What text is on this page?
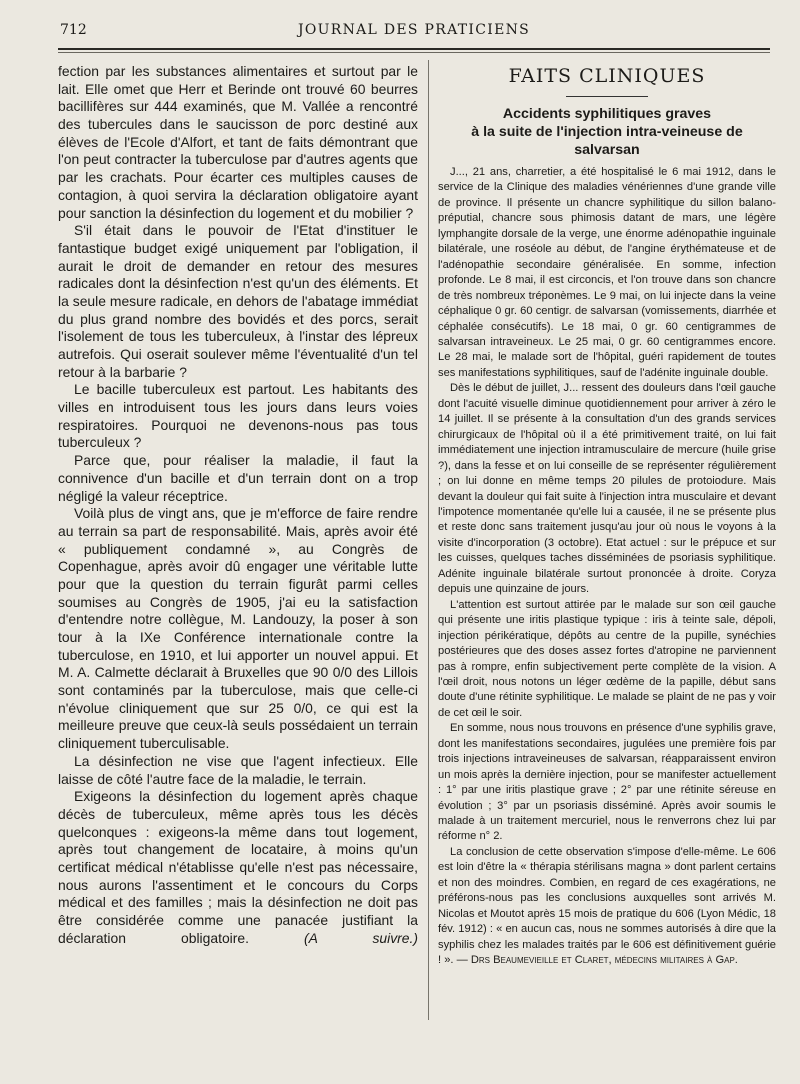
712	JOURNAL DES PRATICIENS

fection par les substances alimentaires et surtout par le lait. Elle omet que Herr et Berinde ont trouvé 60 beurres bacillifères sur 444 examinés, que M. Vallée a rencontré des tubercules dans le saucisson de porc destiné aux élèves de l'Ecole d'Alfort, et tant de faits démontrant que l'on peut contracter la tuberculose par d'autres agents que par les crachats. Pour écarter ces multiples causes de contagion, à quoi servira la déclaration obligatoire ayant pour sanction la désinfection du logement et du mobilier ?

S'il était dans le pouvoir de l'Etat d'instituer le fantastique budget exigé uniquement par l'obligation, il aurait le droit de demander en retour des mesures radicales dont la désinfection n'est qu'un des éléments. Et la seule mesure radicale, en dehors de l'abatage immédiat du plus grand nombre des bovidés et des porcs, serait l'isolement de tous les tuberculeux, à l'instar des lépreux autrefois. Qui oserait soulever même l'éventualité d'un tel retour à la barbarie ?

Le bacille tuberculeux est partout. Les habitants des villes en introduisent tous les jours dans leurs voies respiratoires. Pourquoi ne devenons-nous pas tous tuberculeux ?

Parce que, pour réaliser la maladie, il faut la connivence d'un bacille et d'un terrain dont on a trop négligé la valeur réceptrice.

Voilà plus de vingt ans, que je m'efforce de faire rendre au terrain sa part de responsabilité. Mais, après avoir été « publiquement condamné », au Congrès de Copenhague, après avoir dû engager une véritable lutte pour que la question du terrain figurât parmi celles soumises au Congrès de 1905, j'ai eu la satisfaction d'entendre notre collègue, M. Landouzy, la poser à son tour à la IXe Conférence internationale contre la tuberculose, en 1910, et lui apporter un nouvel appui. Et M. A. Calmette déclarait à Bruxelles que 90 0/0 des Lillois sont contaminés par la tuberculose, mais que celle-ci n'évolue cliniquement que sur 25 0/0, ce qui est la meilleure preuve que ceux-là seuls possédaient un terrain cliniquement tuberculisable.

La désinfection ne vise que l'agent infectieux. Elle laisse de côté l'autre face de la maladie, le terrain.

Exigeons la désinfection du logement après chaque décès de tuberculeux, même après tous les décès quelconques : exigeons-la même dans tout logement, après tout changement de locataire, à moins qu'un certificat médical n'établisse qu'elle n'est pas nécessaire, nous aurons l'assentiment et le concours du Corps médical et des familles ; mais la désinfection ne doit pas être considérée comme une panacée justifiant la déclaration obligatoire.	(A suivre.)

FAITS CLINIQUES
Accidents syphilitiques graves
à la suite de l'injection intra-veineuse de salvarsan

J..., 21 ans, charretier, a été hospitalisé le 6 mai 1912, dans le service de la Clinique des maladies vénériennes d'une grande ville de province. Il présente un chancre syphilitique du sillon balano-préputial, chancre sous phimosis datant de mars, une légère lymphangite dorsale de la verge, une énorme adénopathie inguinale bilatérale, une roséole au début, de l'angine érythémateuse et de l'adénopathie secondaire généralisée. En somme, infection profonde. Le 8 mai, il est circoncis, et l'on trouve dans son chancre de très nombreux tréponèmes. Le 9 mai, on lui injecte dans la veine céphalique 0 gr. 60 centigr. de salvarsan (vomissements, diarrhée et céphalée consécutifs). Le 18 mai, 0 gr. 60 centigrammes de salvarsan intraveineux. Le 25 mai, 0 gr. 60 centigrammes encore. Le 28 mai, le malade sort de l'hôpital, guéri rapidement de toutes ses manifestations syphilitiques, sauf de l'adénite inguinale double.

Dès le début de juillet, J... ressent des douleurs dans l'œil gauche dont l'acuité visuelle diminue quotidiennement pour arriver à zéro le 14 juillet. Il se présente à la consultation d'un des grands services chirurgicaux de l'hôpital où il a été primitivement traité, on lui fait immédiatement une injection intramusculaire de mercure (huile grise ?), dans la fesse et on lui conseille de se représenter régulièrement ; on lui donne en même temps 20 pilules de protoiodure. Mais devant la douleur qui fait suite à l'injection intra musculaire et devant l'impotence momentanée qu'elle lui a causée, il ne se présente plus et reste donc sans traitement jusqu'au jour où nous le voyons à la visite d'incorporation (3 octobre). Etat actuel : sur le prépuce et sur les cuisses, quelques taches disséminées de psoriasis syphilitique. Adénite inguinale bilatérale surtout prononcée à droite. Coryza depuis une quinzaine de jours.

L'attention est surtout attirée par le malade sur son œil gauche qui présente une iritis plastique typique : iris à teinte sale, dépoli, injection périkératique, dépôts au centre de la pupille, synéchies postérieures que des doses assez fortes d'atropine ne parviennent pas à rompre, enfin subjectivement perte complète de la vision. A l'œil droit, nous notons un léger œdème de la papille, début sans doute d'une rétinite syphilitique. Le malade se plaint de ne pas y voir de cet œil le soir.

En somme, nous nous trouvons en présence d'une syphilis grave, dont les manifestations secondaires, jugulées une première fois par trois injections intraveineuses de salvarsan, réapparaissent environ un mois après la dernière injection, pour se manifester actuellement : 1° par une iritis plastique grave ; 2° par une rétinite séreuse en évolution ; 3° par un psoriasis disséminé. Après avoir soumis le malade à un traitement mercuriel, nous le renverrons chez lui par réforme n° 2.

La conclusion de cette observation s'impose d'elle-même. Le 606 est loin d'être la « thérapia stérilisans magna » dont parlent certains et non des moindres. Combien, en regard de ces exagérations, ne préférons-nous pas les conclusions auxquelles sont arrivés M. Nicolas et Moutot après 15 mois de pratique du 606 (Lyon Médic, 18 fév. 1912) : « en aucun cas, nous ne sommes autorisés à dire que la syphilis chez les malades traités par le 606 est définitivement guérie ! ». — Drs Beaumevieille et Claret, médecins militaires à Gap.
